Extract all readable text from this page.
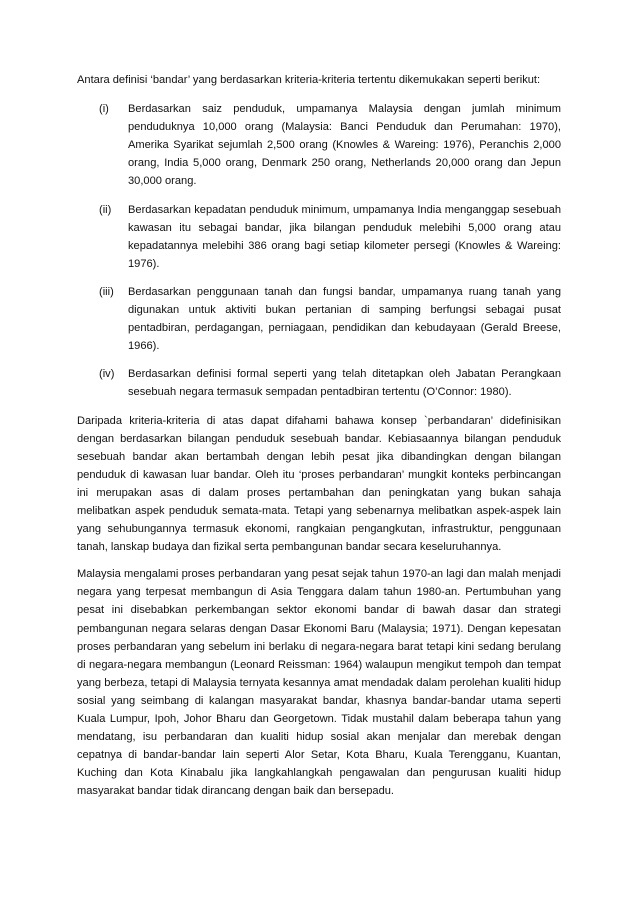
Antara definisi ‘bandar’ yang berdasarkan kriteria-kriteria tertentu dikemukakan seperti berikut:

(i)	Berdasarkan saiz penduduk, umpamanya Malaysia dengan jumlah minimum penduduknya 10,000 orang (Malaysia: Banci Penduduk dan Perumahan: 1970), Amerika Syarikat sejumlah 2,500 orang (Knowles & Wareing: 1976), Peranchis 2,000 orang, India 5,000 orang, Denmark 250 orang, Netherlands 20,000 orang dan Jepun 30,000 orang.
(ii)	Berdasarkan kepadatan penduduk minimum, umpamanya India menganggap sesebuah kawasan itu sebagai bandar, jika bilangan penduduk melebihi 5,000 orang atau kepadatannya melebihi 386 orang bagi setiap kilometer persegi (Knowles & Wareing: 1976).
(iii)	Berdasarkan penggunaan tanah dan fungsi bandar, umpamanya ruang tanah yang digunakan untuk aktiviti bukan pertanian di samping berfungsi sebagai pusat pentadbiran, perdagangan, perniagaan, pendidikan dan kebudayaan (Gerald Breese, 1966).
(iv)	Berdasarkan definisi formal seperti yang telah ditetapkan oleh Jabatan Perangkaan sesebuah negara termasuk sempadan pentadbiran tertentu (O’Connor: 1980).

Daripada kriteria-kriteria di atas dapat difahami bahawa konsep `perbandaran’ didefinisikan dengan berdasarkan bilangan penduduk sesebuah bandar. Kebiasaannya bilangan penduduk sesebuah bandar akan bertambah dengan lebih pesat jika dibandingkan dengan bilangan penduduk di kawasan luar bandar. Oleh itu ‘proses perbandaran’ mungkit konteks perbincangan ini merupakan asas di dalam proses pertambahan dan peningkatan yang bukan sahaja melibatkan aspek penduduk semata-mata. Tetapi yang sebenarnya melibatkan aspek-aspek lain yang sehubungannya termasuk ekonomi, rangkaian pengangkutan, infrastruktur, penggunaan tanah, lanskap budaya dan fizikal serta pembangunan bandar secara keseluruhannya.

Malaysia mengalami proses perbandaran yang pesat sejak tahun 1970-an lagi dan malah menjadi negara yang terpesat membangun di Asia Tenggara dalam tahun 1980-an. Pertumbuhan yang pesat ini disebabkan perkembangan sektor ekonomi bandar di bawah dasar dan strategi pembangunan negara selaras dengan Dasar Ekonomi Baru (Malaysia; 1971). Dengan kepesatan proses perbandaran yang sebelum ini berlaku di negara-negara barat tetapi kini sedang berulang di negara-negara membangun (Leonard Reissman: 1964) walaupun mengikut tempoh dan tempat yang berbeza, tetapi di Malaysia ternyata kesannya amat mendadak dalam perolehan kualiti hidup sosial yang seimbang di kalangan masyarakat bandar, khasnya bandar-bandar utama seperti Kuala Lumpur, Ipoh, Johor Bharu dan Georgetown. Tidak mustahil dalam beberapa tahun yang mendatang, isu perbandaran dan kualiti hidup sosial akan menjalar dan merebak dengan cepatnya di bandar-bandar lain seperti Alor Setar, Kota Bharu, Kuala Terengganu, Kuantan, Kuching dan Kota Kinabalu jika langkahlangkah pengawalan dan pengurusan kualiti hidup masyarakat bandar tidak dirancang dengan baik dan bersepadu.
